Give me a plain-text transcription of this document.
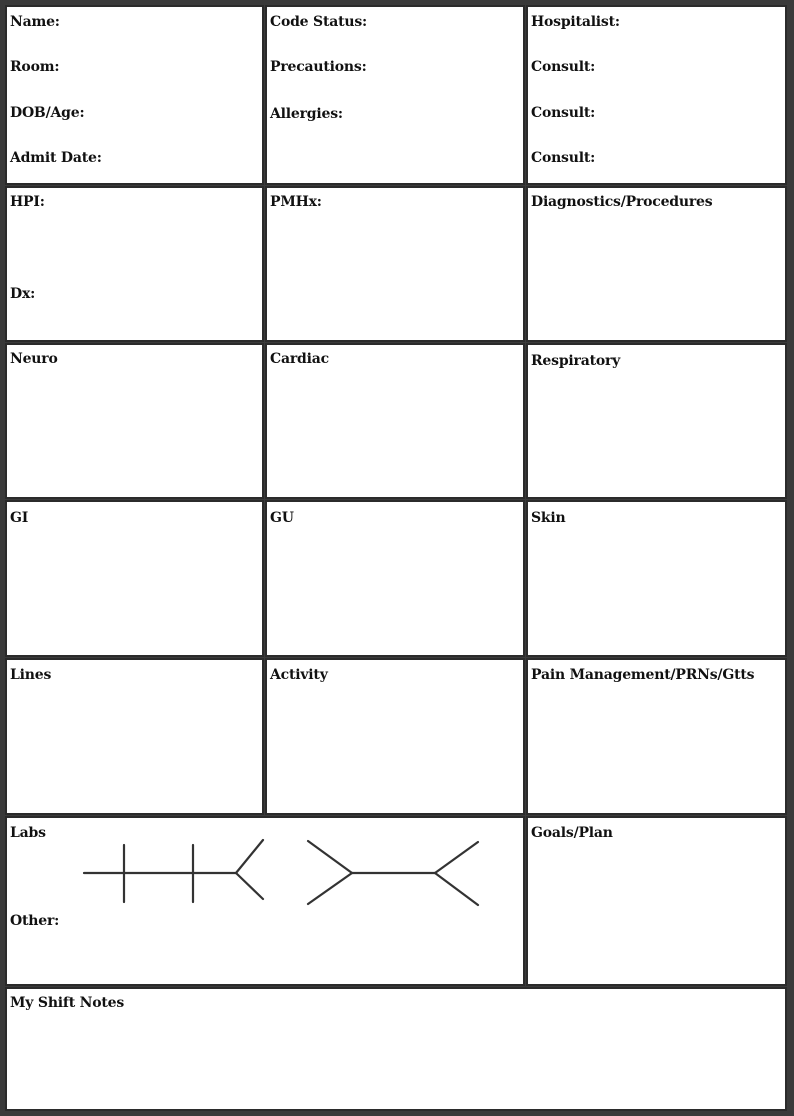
Name:
Room:
DOB/Age:
Admit Date:
Code Status:
Precautions:
Allergies:
Hospitalist:
Consult:
Consult:
Consult:
HPI:
Dx:
PMHx:	Diagnostics/Procedures
Neuro	Cardiac	Respiratory
GI	GU	Skin
Lines	Activity	Pain Management/PRNs/Gtts
Labs
Other:
Goals/Plan
My Shift Notes
